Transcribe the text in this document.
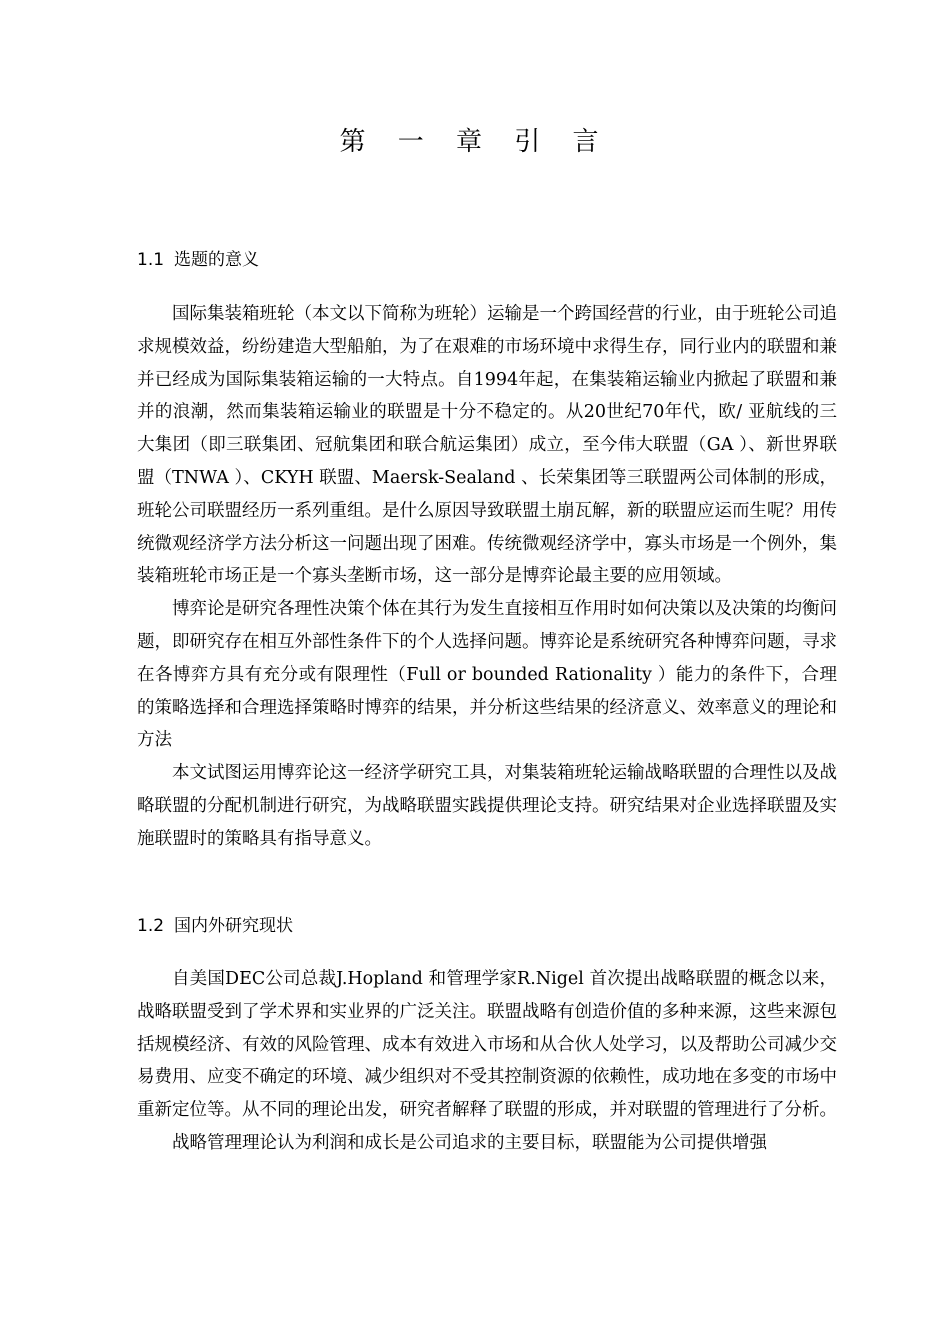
第 一 章 引 言
1.1 选题的意义

国际集装箱班轮（本文以下简称为班轮）运输是一个跨国经营的行业，由于班轮公司追求规模效益，纷纷建造大型船舶，为了在艰难的市场环境中求得生存，同行业内的联盟和兼并已经成为国际集装箱运输的一大特点。自1994年起，在集装箱运输业内掀起了联盟和兼并的浪潮，然而集装箱运输业的联盟是十分不稳定的。从20世纪70年代，欧/ 亚航线的三大集团（即三联集团、冠航集团和联合航运集团）成立，至今伟大联盟（GA ）、新世界联盟（TNWA ）、CKYH 联盟、Maersk-Sealand 、长荣集团等三联盟两公司体制的形成，班轮公司联盟经历一系列重组。是什么原因导致联盟土崩瓦解，新的联盟应运而生呢？用传统微观经济学方法分析这一问题出现了困难。传统微观经济学中，寡头市场是一个例外，集装箱班轮市场正是一个寡头垄断市场，这一部分是博弈论最主要的应用领域。

博弈论是研究各理性决策个体在其行为发生直接相互作用时如何决策以及决策的均衡问题，即研究存在相互外部性条件下的个人选择问题。博弈论是系统研究各种博弈问题，寻求在各博弈方具有充分或有限理性（Full or bounded Rationality ）能力的条件下，合理的策略选择和合理选择策略时博弈的结果，并分析这些结果的经济意义、效率意义的理论和方法

本文试图运用博弈论这一经济学研究工具，对集装箱班轮运输战略联盟的合理性以及战略联盟的分配机制进行研究，为战略联盟实践提供理论支持。研究结果对企业选择联盟及实施联盟时的策略具有指导意义。

1.2 国内外研究现状

自美国DEC公司总裁J.Hopland 和管理学家R.Nigel 首次提出战略联盟的概念以来，战略联盟受到了学术界和实业界的广泛关注。联盟战略有创造价值的多种来源，这些来源包括规模经济、有效的风险管理、成本有效进入市场和从合伙人处学习，以及帮助公司减少交易费用、应变不确定的环境、减少组织对不受其控制资源的依赖性，成功地在多变的市场中重新定位等。从不同的理论出发，研究者解释了联盟的形成，并对联盟的管理进行了分析。

战略管理理论认为利润和成长是公司追求的主要目标，联盟能为公司提供增强
